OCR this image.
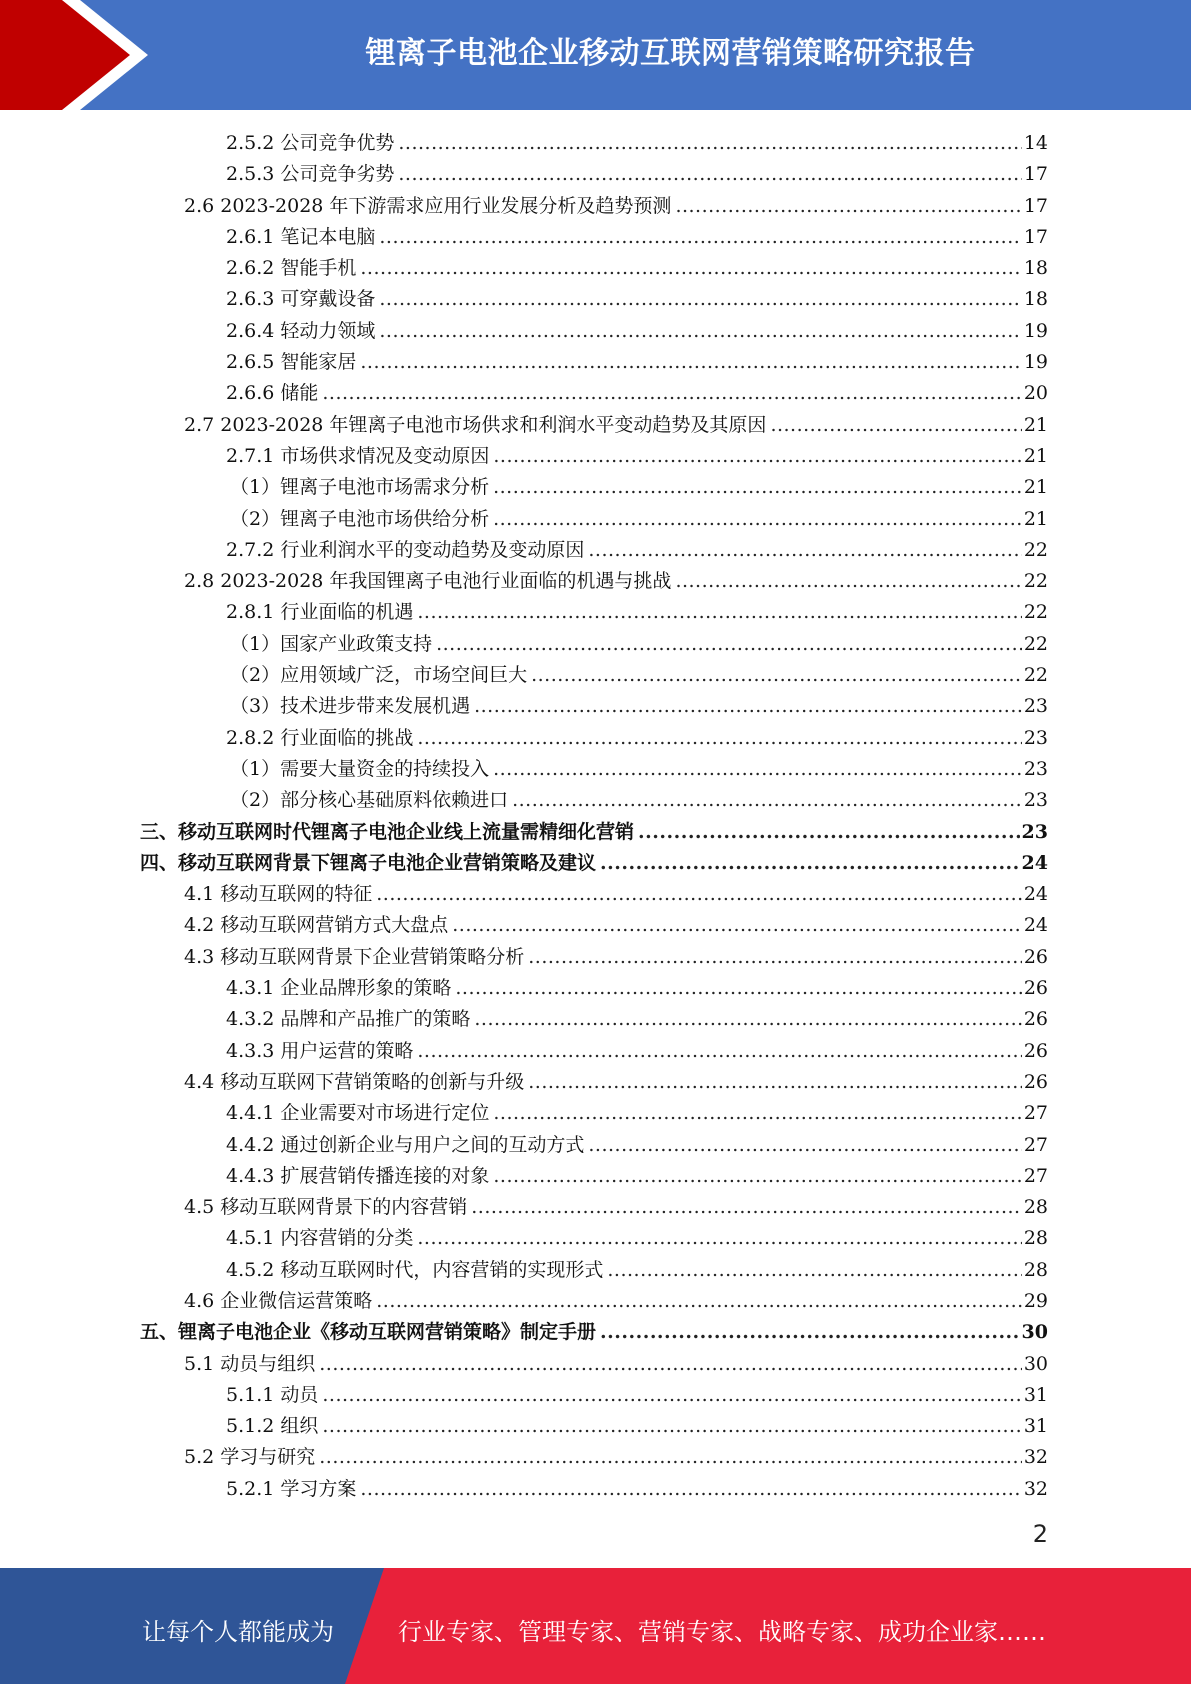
锂离子电池企业移动互联网营销策略研究报告
2.5.2 公司竞争优势 .....	14
2.5.3 公司竞争劣势 .....	17
2.6 2023-2028 年下游需求应用行业发展分析及趋势预测 .....	17
2.6.1 笔记本电脑 .....	17
2.6.2 智能手机 .....	18
2.6.3 可穿戴设备 .....	18
2.6.4 轻动力领域 .....	19
2.6.5 智能家居 .....	19
2.6.6 储能 .....	20
2.7 2023-2028 年锂离子电池市场供求和利润水平变动趋势及其原因 .....	21
2.7.1 市场供求情况及变动原因 .....	21
（1）锂离子电池市场需求分析 .....	21
（2）锂离子电池市场供给分析 .....	21
2.7.2 行业利润水平的变动趋势及变动原因 .....	22
2.8 2023-2028 年我国锂离子电池行业面临的机遇与挑战 .....	22
2.8.1 行业面临的机遇 .....	22
（1）国家产业政策支持 .....	22
（2）应用领域广泛，市场空间巨大 .....	22
（3）技术进步带来发展机遇 .....	23
2.8.2 行业面临的挑战 .....	23
（1）需要大量资金的持续投入 .....	23
（2）部分核心基础原料依赖进口 .....	23
三、移动互联网时代锂离子电池企业线上流量需精细化营销 .....	23
四、移动互联网背景下锂离子电池企业营销策略及建议 .....	24
4.1 移动互联网的特征 .....	24
4.2 移动互联网营销方式大盘点 .....	24
4.3 移动互联网背景下企业营销策略分析 .....	26
4.3.1 企业品牌形象的策略 .....	26
4.3.2 品牌和产品推广的策略 .....	26
4.3.3 用户运营的策略 .....	26
4.4 移动互联网下营销策略的创新与升级 .....	26
4.4.1 企业需要对市场进行定位 .....	27
4.4.2 通过创新企业与用户之间的互动方式 .....	27
4.4.3 扩展营销传播连接的对象 .....	27
4.5 移动互联网背景下的内容营销 .....	28
4.5.1 内容营销的分类 .....	28
4.5.2 移动互联网时代，内容营销的实现形式 .....	28
4.6 企业微信运营策略 .....	29
五、锂离子电池企业《移动互联网营销策略》制定手册 .....	30
5.1 动员与组织 .....	30
5.1.1 动员 .....	31
5.1.2 组织 .....	31
5.2 学习与研究 .....	32
5.2.1 学习方案 .....	32
2
让每个人都能成为	行业专家、管理专家、营销专家、战略专家、成功企业家……
